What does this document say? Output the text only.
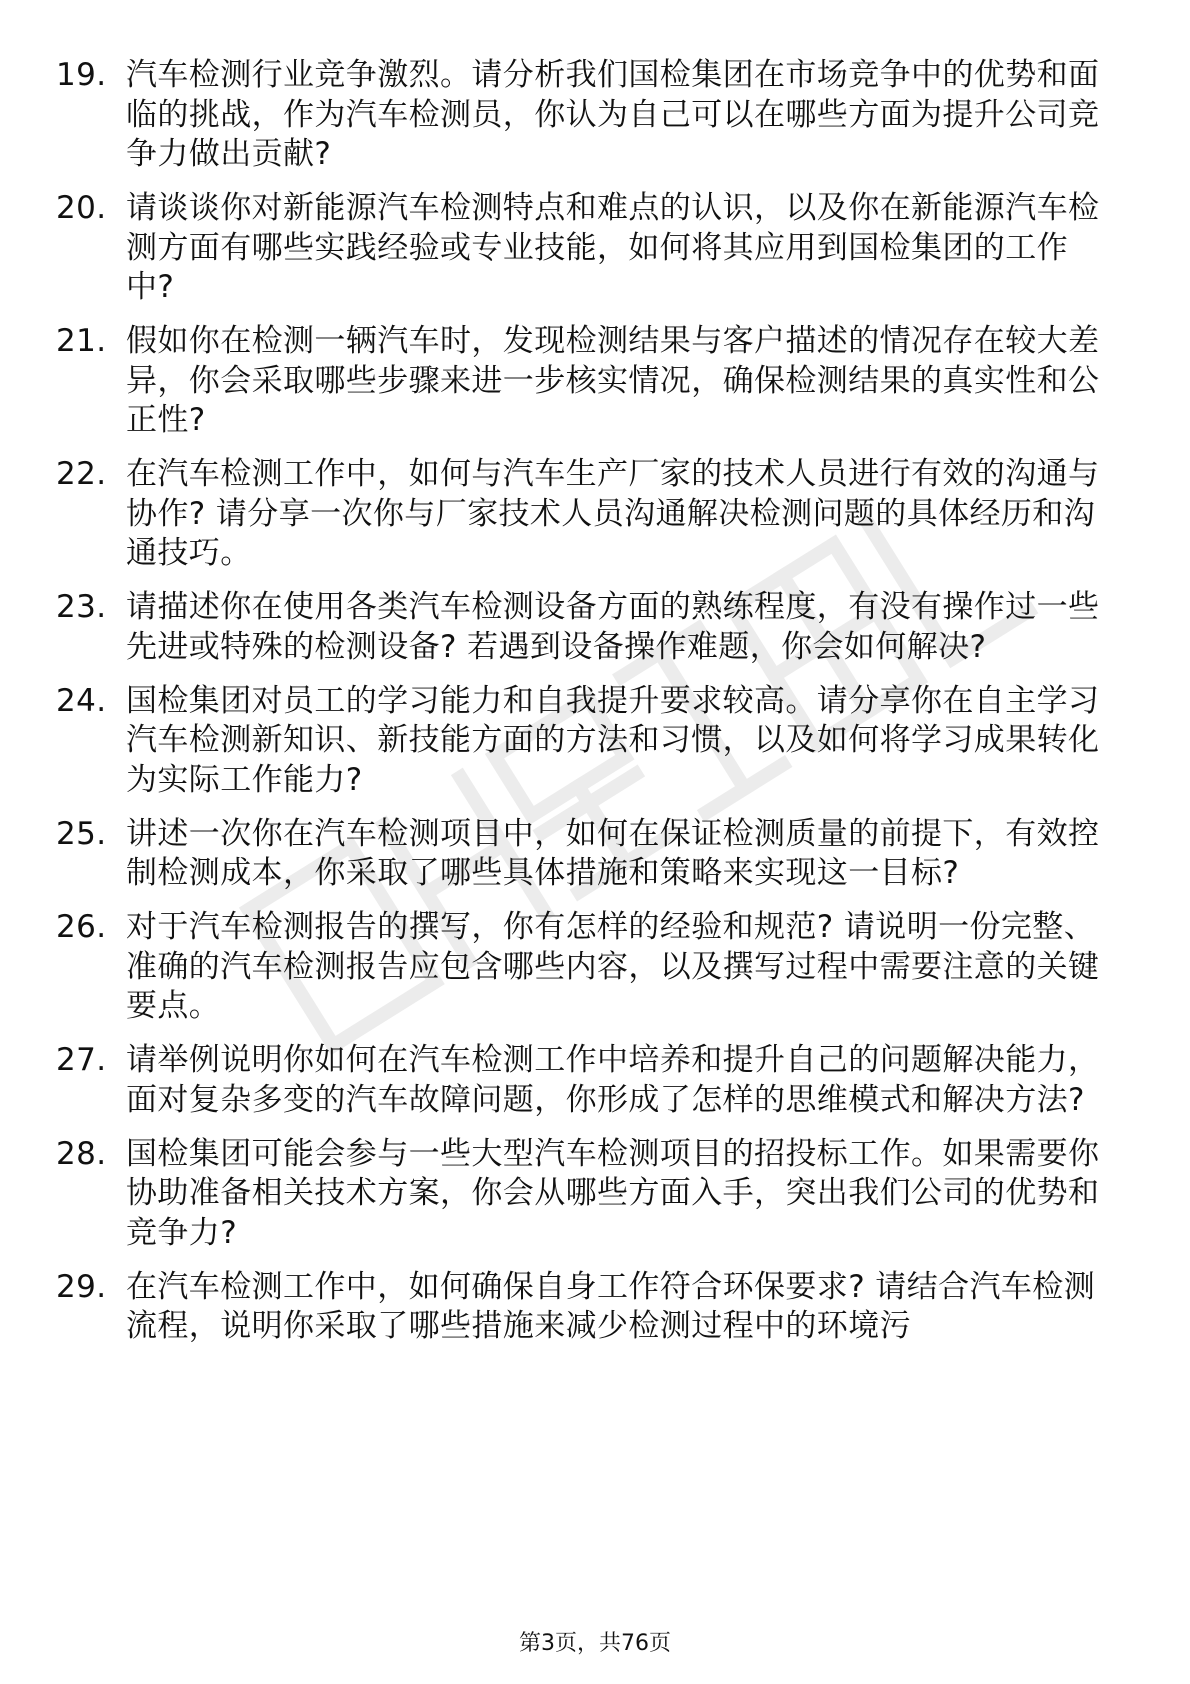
19. 汽车检测行业竞争激烈。请分析我们国检集团在市场竞争中的优势和面临的挑战，作为汽车检测员，你认为自己可以在哪些方面为提升公司竞争力做出贡献?
20. 请谈谈你对新能源汽车检测特点和难点的认识，以及你在新能源汽车检测方面有哪些实践经验或专业技能，如何将其应用到国检集团的工作中?
21. 假如你在检测一辆汽车时，发现检测结果与客户描述的情况存在较大差异，你会采取哪些步骤来进一步核实情况，确保检测结果的真实性和公正性?
22. 在汽车检测工作中，如何与汽车生产厂家的技术人员进行有效的沟通与协作? 请分享一次你与厂家技术人员沟通解决检测问题的具体经历和沟通技巧。
23. 请描述你在使用各类汽车检测设备方面的熟练程度，有没有操作过一些先进或特殊的检测设备? 若遇到设备操作难题，你会如何解决?
24. 国检集团对员工的学习能力和自我提升要求较高。请分享你在自主学习汽车检测新知识、新技能方面的方法和习惯，以及如何将学习成果转化为实际工作能力?
25. 讲述一次你在汽车检测项目中，如何在保证检测质量的前提下，有效控制检测成本，你采取了哪些具体措施和策略来实现这一目标?
26. 对于汽车检测报告的撰写，你有怎样的经验和规范? 请说明一份完整、准确的汽车检测报告应包含哪些内容，以及撰写过程中需要注意的关键要点。
27. 请举例说明你如何在汽车检测工作中培养和提升自己的问题解决能力，面对复杂多变的汽车故障问题，你形成了怎样的思维模式和解决方法?
28. 国检集团可能会参与一些大型汽车检测项目的招投标工作。如果需要你协助准备相关技术方案，你会从哪些方面入手，突出我们公司的优势和竞争力?
29. 在汽车检测工作中，如何确保自身工作符合环保要求? 请结合汽车检测流程，说明你采取了哪些措施来减少检测过程中的环境污
第3页，共76页
